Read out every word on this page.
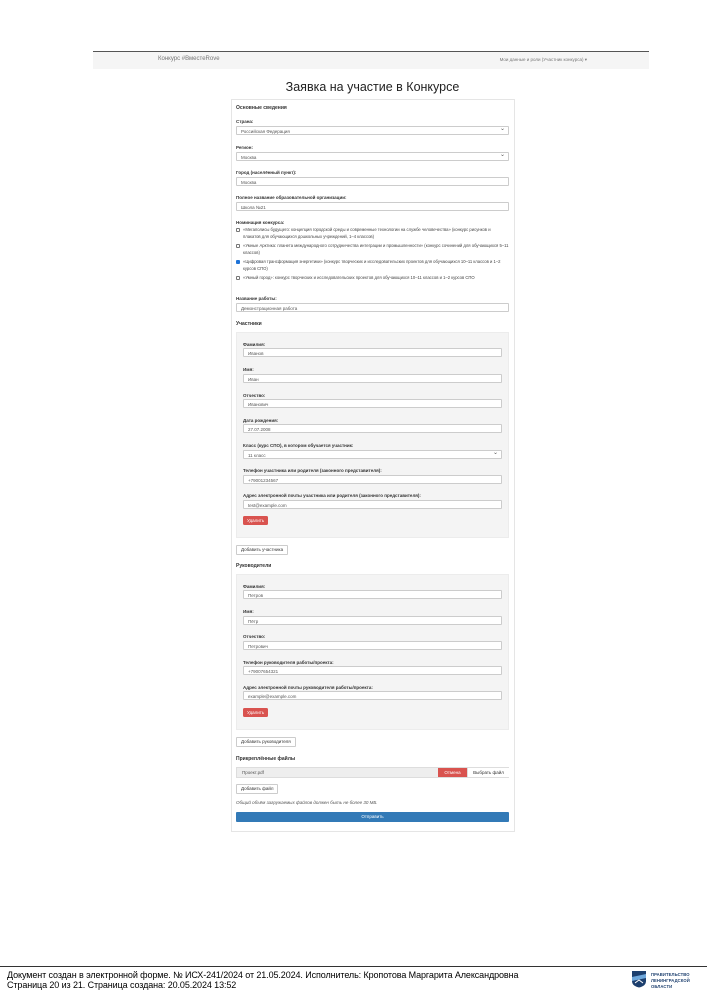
Конкурс #ВместеRove	Мои данные и роли (Участник конкурса) ▾
Заявка на участие в Конкурсе
Основные сведения
Страна:
Российская Федерация ⌄
Регион:
Москва ⌄
Город (населённый пункт):
Москва
Полное название образовательной организации:
Школа №21
Номинация конкурса:
«Мегаполисы будущего: концепция городской среды и современные технологии на службе человечества» (конкурс рисунков и плакатов для обучающихся дошкольных учреждений, 1–4 классов)
«Умные Арктика: планета международного сотрудничества интеграции и промышленности» (конкурс сочинений для обучающихся 5–11 классов)
«Цифровая трансформация энергетики» (конкурс творческих и исследовательских проектов для обучающихся 10–11 классов и 1–2 курсов СПО)
«Умный город»: конкурс творческих и исследовательских проектов для обучающихся 10–11 классов и 1–2 курсов СПО
Название работы:
Демонстрационная работа
Участники
Фамилия:
Иванов
Имя:
Иван
Отчество:
Иванович
Дата рождения:
27.07.2008
Класс (курс СПО), в котором обучается участник:
11 класс ⌄
Телефон участника или родителя (законного представителя):
+79001234567
Адрес электронной почты участника или родителя (законного представителя):
test@example.com
Удалить
Добавить участника
Руководители
Фамилия:
Петров
Имя:
Пётр
Отчество:
Петрович
Телефон руководителя работы/проекта:
+79007654321
Адрес электронной почты руководителя работы/проекта:
example@example.com
Удалить
Добавить руководителя
Прикреплённые файлы
Проект.pdf	Отмена	Выбрать файл
Добавить файл
Общий объём загружаемых файлов должен быть не более 30 МБ.
Отправить
Документ создан в электронной форме. № ИСХ-241/2024 от 21.05.2024. Исполнитель: Кропотова Маргарита Александровна
Страница 20 из 21. Страница создана: 20.05.2024 13:52
ПРАВИТЕЛЬСТВО
ЛЕНИНГРАДСКОЙ
ОБЛАСТИ
